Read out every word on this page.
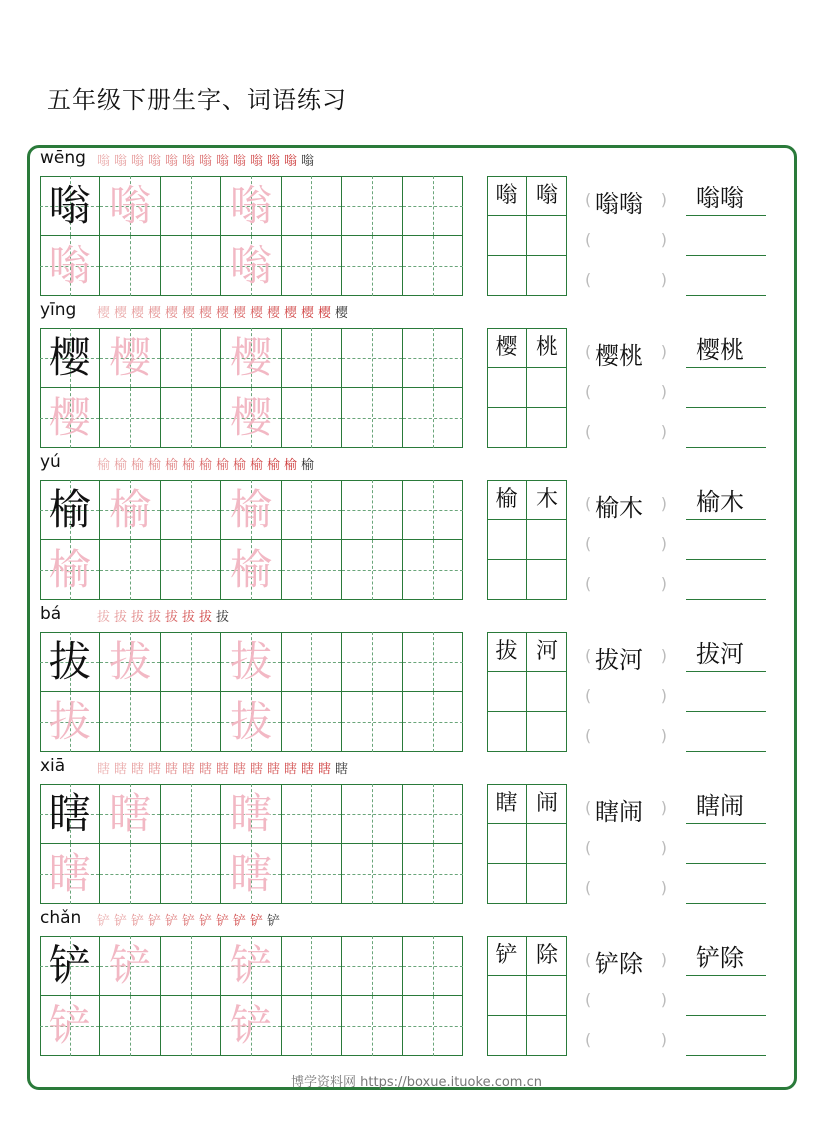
五年级下册生字、词语练习
wēng 嗡 嗡 嗡 嗡 嗡 嗡 嗡 嗡 嗡 嗡 嗡 嗡 嗡
嗡 嗡 嗡
嗡	嗡
嗡 嗡	( 嗡嗡 ) 嗡嗡
(	)
(	)
yīng 樱 樱 樱 樱 樱 樱 樱 樱 樱 樱 樱 樱 樱 樱 樱
樱 樱 樱
樱	樱
樱 桃	( 樱桃 ) 樱桃
(	)
(	)
yú	榆 榆 榆 榆 榆 榆 榆 榆 榆 榆 榆 榆 榆
榆 榆 榆
榆	榆
榆 木	( 榆木 ) 榆木
(	)
(	)
bá	拔 拔 拔 拔 拔 拔 拔 拔
拔 拔 拔
拔	拔
拔 河	( 拔河 ) 拔河
(	)
(	)
xiā 瞎 瞎 瞎 瞎 瞎 瞎 瞎 瞎 瞎 瞎 瞎 瞎 瞎 瞎 瞎
瞎 瞎 瞎
瞎	瞎
瞎 闹	( 瞎闹 ) 瞎闹
(	)
(	)
chǎn 铲 铲 铲 铲 铲 铲 铲 铲 铲 铲 铲
铲 铲 铲
铲	铲
铲 除	( 铲除 ) 铲除
(	)
(	)
博学资料网 https://boxue.ituoke.com.cn
